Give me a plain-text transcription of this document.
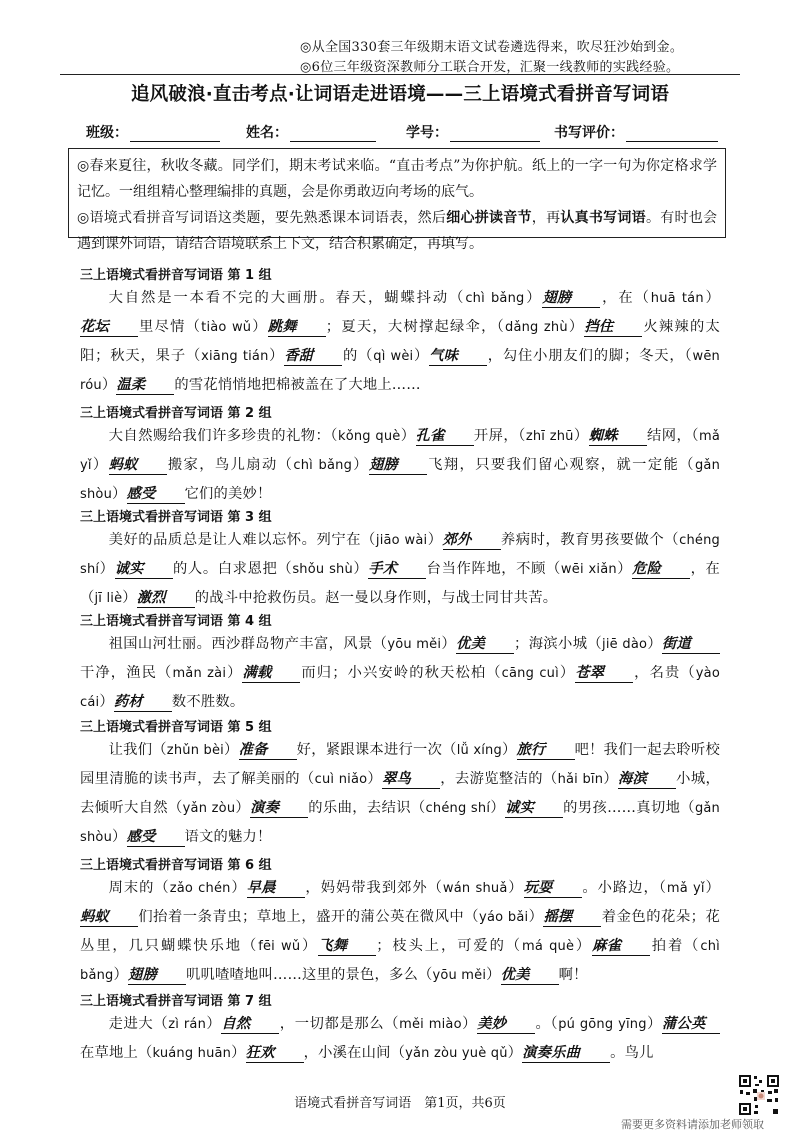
◎从全国330套三年级期末语文试卷遴选得来，吹尽狂沙始到金。
◎6位三年级资深教师分工联合开发，汇聚一线教师的实践经验。
追风破浪·直击考点·让词语走进语境——三上语境式看拼音写词语
班级：	姓名：	学号：	书写评价：

◎春来夏往，秋收冬藏。同学们，期末考试来临。“直击考点”为你护航。纸上的一字一句为你定格求学记忆。一组组精心整理编排的真题，会是你勇敢迈向考场的底气。

◎语境式看拼音写词语这类题，要先熟悉课本词语表，然后细心拼读音节，再认真书写词语。有时也会遇到课外词语，请结合语境联系上下文，结合积累确定，再填写。

三上语境式看拼音写词语 第 1 组
大自然是一本看不完的大画册。春天，蝴蝶抖动（chì bǎng）翅膀 ，在（huā tán）花坛 里尽情（tiào wǔ）跳舞 ；夏天，大树撑起绿伞，（dǎng zhù）挡住 火辣辣的太阳；秋天，果子（xiāng tián）香甜 的（qì wèi）气味 ，勾住小朋友们的脚；冬天，（wēn róu）温柔 的雪花悄悄地把棉被盖在了大地上……
三上语境式看拼音写词语 第 2 组
大自然赐给我们许多珍贵的礼物：（kǒng què）孔雀 开屏，（zhī zhū）蜘蛛 结网，（mǎ yǐ）蚂蚁 搬家，鸟儿扇动（chì bǎng）翅膀 飞翔，只要我们留心观察，就一定能（gǎn shòu）感受 它们的美妙！
三上语境式看拼音写词语 第 3 组
美好的品质总是让人难以忘怀。列宁在（jiāo wài）郊外 养病时，教育男孩要做个（chéng shí）诚实 的人。白求恩把（shǒu shù）手术 台当作阵地，不顾（wēi xiǎn）危险 ，在（jī liè）激烈 的战斗中抢救伤员。赵一曼以身作则，与战士同甘共苦。
三上语境式看拼音写词语 第 4 组
祖国山河壮丽。西沙群岛物产丰富，风景（yōu měi）优美 ；海滨小城（jiē dào）街道干净，渔民（mǎn zài）满载 而归；小兴安岭的秋天松柏（cāng cuì）苍翠 ，名贵（yào cái）药材 数不胜数。
三上语境式看拼音写词语 第 5 组
让我们（zhǔn bèi）准备 好，紧跟课本进行一次（lǚ xíng）旅行 吧！我们一起去聆听校园里清脆的读书声，去了解美丽的（cuì niǎo）翠鸟 ，去游览整洁的（hǎi bīn）海滨 小城，去倾听大自然（yǎn zòu）演奏 的乐曲，去结识（chéng shí）诚实 的男孩……真切地（gǎn shòu）感受 语文的魅力！
三上语境式看拼音写词语 第 6 组
周末的（zǎo chén）早晨 ，妈妈带我到郊外（wán shuǎ）玩耍 。小路边，（mǎ yǐ）蚂蚁 们抬着一条青虫；草地上，盛开的蒲公英在微风中（yáo bǎi）摇摆 着金色的花朵；花丛里，几只蝴蝶快乐地（fēi wǔ）飞舞 ；枝头上，可爱的（má què）麻雀 拍着（chì bǎng）翅膀 叽叽喳喳地叫……这里的景色，多么（yōu měi）优美 啊！
三上语境式看拼音写词语 第 7 组
走进大（zì rán）自然 ，一切都是那么（měi miào）美妙 。（pú gōng yīng）蒲公英在草地上（kuáng huān）狂欢 ，小溪在山间（yǎn zòu yuè qǔ）演奏乐曲 。鸟儿
语境式看拼音写词语　第1页，共6页
需要更多资料请添加老师领取
